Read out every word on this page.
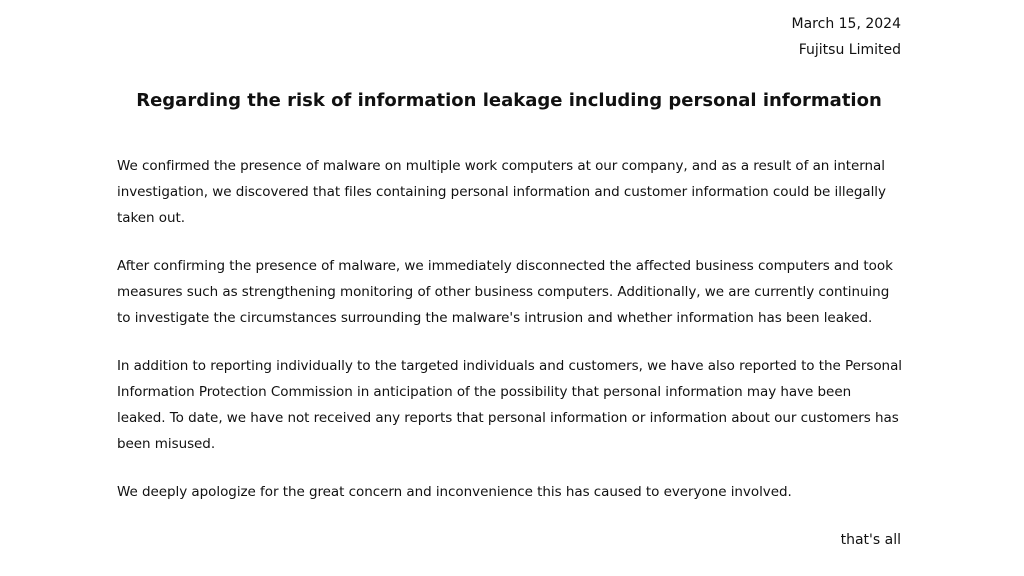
March 15, 2024
Fujitsu Limited
Regarding the risk of information leakage including personal information

We confirmed the presence of malware on multiple work computers at our company, and as a result of an internal
investigation, we discovered that files containing personal information and customer information could be illegally
taken out.

After confirming the presence of malware, we immediately disconnected the affected business computers and took
measures such as strengthening monitoring of other business computers. Additionally, we are currently continuing
to investigate the circumstances surrounding the malware's intrusion and whether information has been leaked.

In addition to reporting individually to the targeted individuals and customers, we have also reported to the Personal
Information Protection Commission in anticipation of the possibility that personal information may have been
leaked. To date, we have not received any reports that personal information or information about our customers has
been misused.

We deeply apologize for the great concern and inconvenience this has caused to everyone involved.

that's all
